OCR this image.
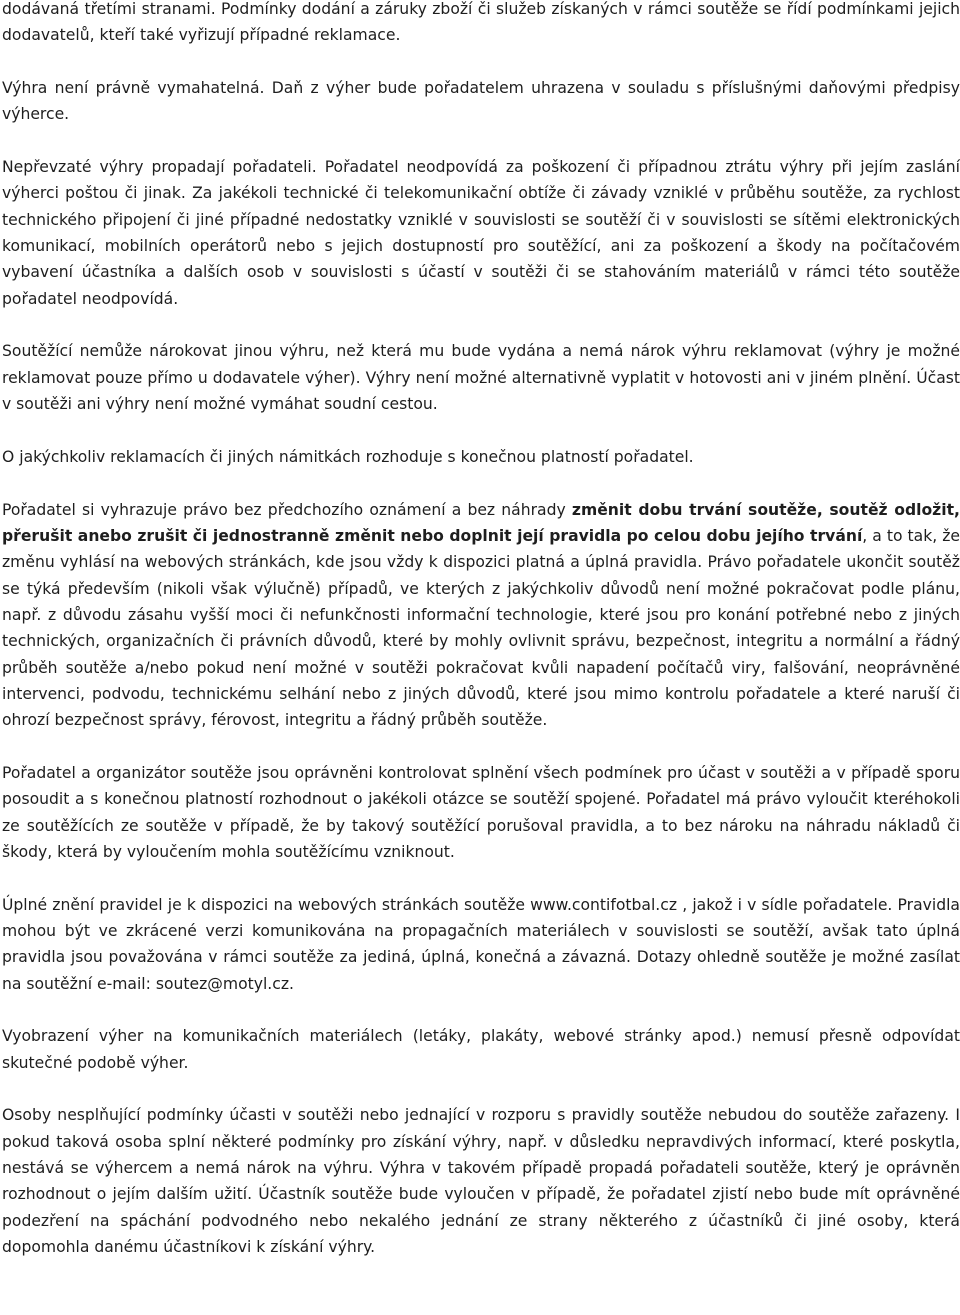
dodávaná třetími stranami. Podmínky dodání a záruky zboží či služeb získaných v rámci soutěže se řídí podmínkami jejich dodavatelů, kteří také vyřizují případné reklamace.

Výhra není právně vymahatelná. Daň z výher bude pořadatelem uhrazena v souladu s příslušnými daňovými předpisy výherce.

Nepřevzaté výhry propadají pořadateli. Pořadatel neodpovídá za poškození či případnou ztrátu výhry při jejím zaslání výherci poštou či jinak. Za jakékoli technické či telekomunikační obtíže či závady vzniklé v průběhu soutěže, za rychlost technického připojení či jiné případné nedostatky vzniklé v souvislosti se soutěží či v souvislosti se sítěmi elektronických komunikací, mobilních operátorů nebo s jejich dostupností pro soutěžící, ani za poškození a škody na počítačovém vybavení účastníka a dalších osob v souvislosti s účastí v soutěži či se stahováním materiálů v rámci této soutěže pořadatel neodpovídá.

Soutěžící nemůže nárokovat jinou výhru, než která mu bude vydána a nemá nárok výhru reklamovat (výhry je možné reklamovat pouze přímo u dodavatele výher). Výhry není možné alternativně vyplatit v hotovosti ani v jiném plnění. Účast v soutěži ani výhry není možné vymáhat soudní cestou.

O jakýchkoliv reklamacích či jiných námitkách rozhoduje s konečnou platností pořadatel.

Pořadatel si vyhrazuje právo bez předchozího oznámení a bez náhrady změnit dobu trvání soutěže, soutěž odložit, přerušit anebo zrušit či jednostranně změnit nebo doplnit její pravidla po celou dobu jejího trvání, a to tak, že změnu vyhlásí na webových stránkách, kde jsou vždy k dispozici platná a úplná pravidla. Právo pořadatele ukončit soutěž se týká především (nikoli však výlučně) případů, ve kterých z jakýchkoliv důvodů není možné pokračovat podle plánu, např. z důvodu zásahu vyšší moci či nefunkčnosti informační technologie, které jsou pro konání potřebné nebo z jiných technických, organizačních či právních důvodů, které by mohly ovlivnit správu, bezpečnost, integritu a normální a řádný průběh soutěže a/nebo pokud není možné v soutěži pokračovat kvůli napadení počítačů viry, falšování, neoprávněné intervenci, podvodu, technickému selhání nebo z jiných důvodů, které jsou mimo kontrolu pořadatele a které naruší či ohrozí bezpečnost správy, férovost, integritu a řádný průběh soutěže.

Pořadatel a organizátor soutěže jsou oprávněni kontrolovat splnění všech podmínek pro účast v soutěži a v případě sporu posoudit a s konečnou platností rozhodnout o jakékoli otázce se soutěží spojené. Pořadatel má právo vyloučit kteréhokoli ze soutěžících ze soutěže v případě, že by takový soutěžící porušoval pravidla, a to bez nároku na náhradu nákladů či škody, která by vyloučením mohla soutěžícímu vzniknout.

Úplné znění pravidel je k dispozici na webových stránkách soutěže www.contifotbal.cz , jakož i v sídle pořadatele. Pravidla mohou být ve zkrácené verzi komunikována na propagačních materiálech v souvislosti se soutěží, avšak tato úplná pravidla jsou považována v rámci soutěže za jediná, úplná, konečná a závazná. Dotazy ohledně soutěže je možné zasílat na soutěžní e-mail: soutez@motyl.cz.

Vyobrazení výher na komunikačních materiálech (letáky, plakáty, webové stránky apod.) nemusí přesně odpovídat skutečné podobě výher.

Osoby nesplňující podmínky účasti v soutěži nebo jednající v rozporu s pravidly soutěže nebudou do soutěže zařazeny. I pokud taková osoba splní některé podmínky pro získání výhry, např. v důsledku nepravdivých informací, které poskytla, nestává se výhercem a nemá nárok na výhru. Výhra v takovém případě propadá pořadateli soutěže, který je oprávněn rozhodnout o jejím dalším užití. Účastník soutěže bude vyloučen v případě, že pořadatel zjistí nebo bude mít oprávněné podezření na spáchání podvodného nebo nekalého jednání ze strany některého z účastníků či jiné osoby, která dopomohla danému účastníkovi k získání výhry.
